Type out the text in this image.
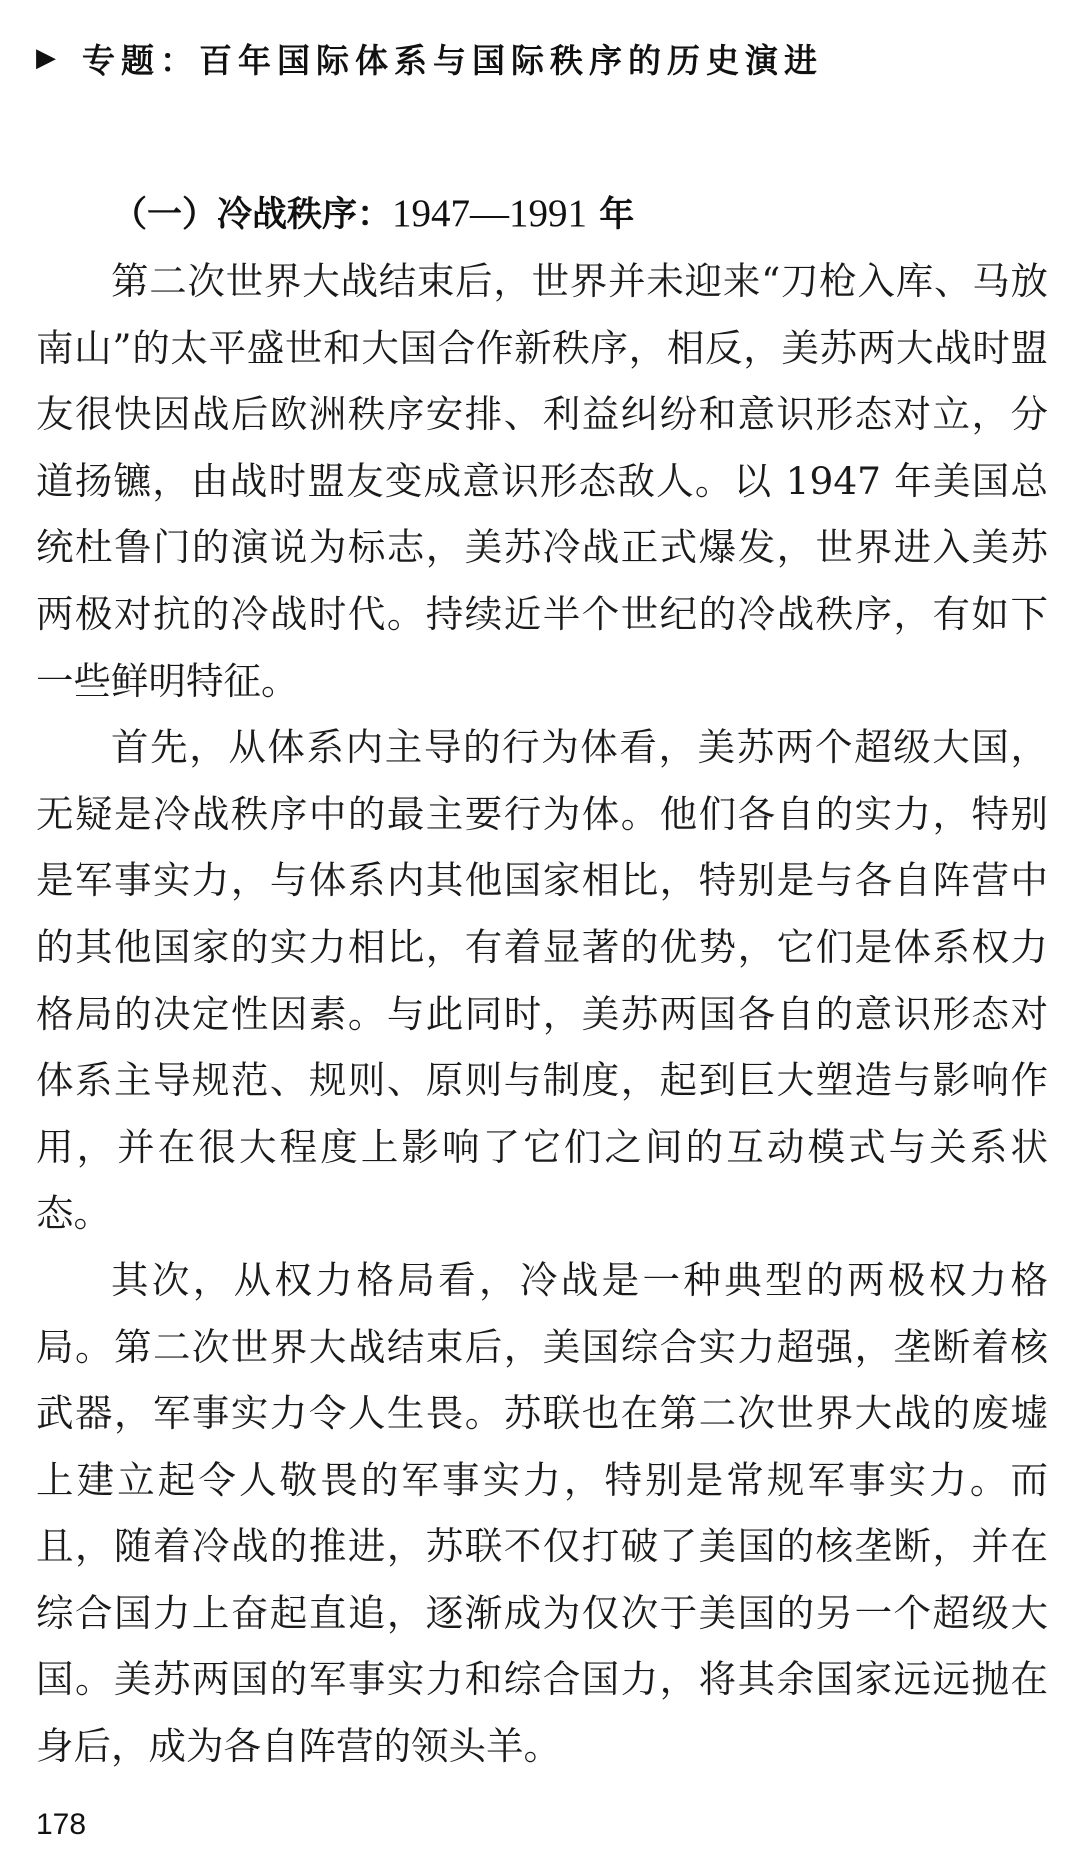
▶ 专题：百年国际体系与国际秩序的历史演进
（一）冷战秩序：1947—1991 年

第二次世界大战结束后，世界并未迎来“刀枪入库、马放南山”的太平盛世和大国合作新秩序，相反，美苏两大战时盟友很快因战后欧洲秩序安排、利益纠纷和意识形态对立，分道扬镳，由战时盟友变成意识形态敌人。以 1947 年美国总统杜鲁门的演说为标志，美苏冷战正式爆发，世界进入美苏两极对抗的冷战时代。持续近半个世纪的冷战秩序，有如下一些鲜明特征。

首先，从体系内主导的行为体看，美苏两个超级大国，无疑是冷战秩序中的最主要行为体。他们各自的实力，特别是军事实力，与体系内其他国家相比，特别是与各自阵营中的其他国家的实力相比，有着显著的优势，它们是体系权力格局的决定性因素。与此同时，美苏两国各自的意识形态对体系主导规范、规则、原则与制度，起到巨大塑造与影响作用，并在很大程度上影响了它们之间的互动模式与关系状态。

其次，从权力格局看，冷战是一种典型的两极权力格局。第二次世界大战结束后，美国综合实力超强，垄断着核武器，军事实力令人生畏。苏联也在第二次世界大战的废墟上建立起令人敬畏的军事实力，特别是常规军事实力。而且，随着冷战的推进，苏联不仅打破了美国的核垄断，并在综合国力上奋起直追，逐渐成为仅次于美国的另一个超级大国。美苏两国的军事实力和综合国力，将其余国家远远抛在身后，成为各自阵营的领头羊。

178
